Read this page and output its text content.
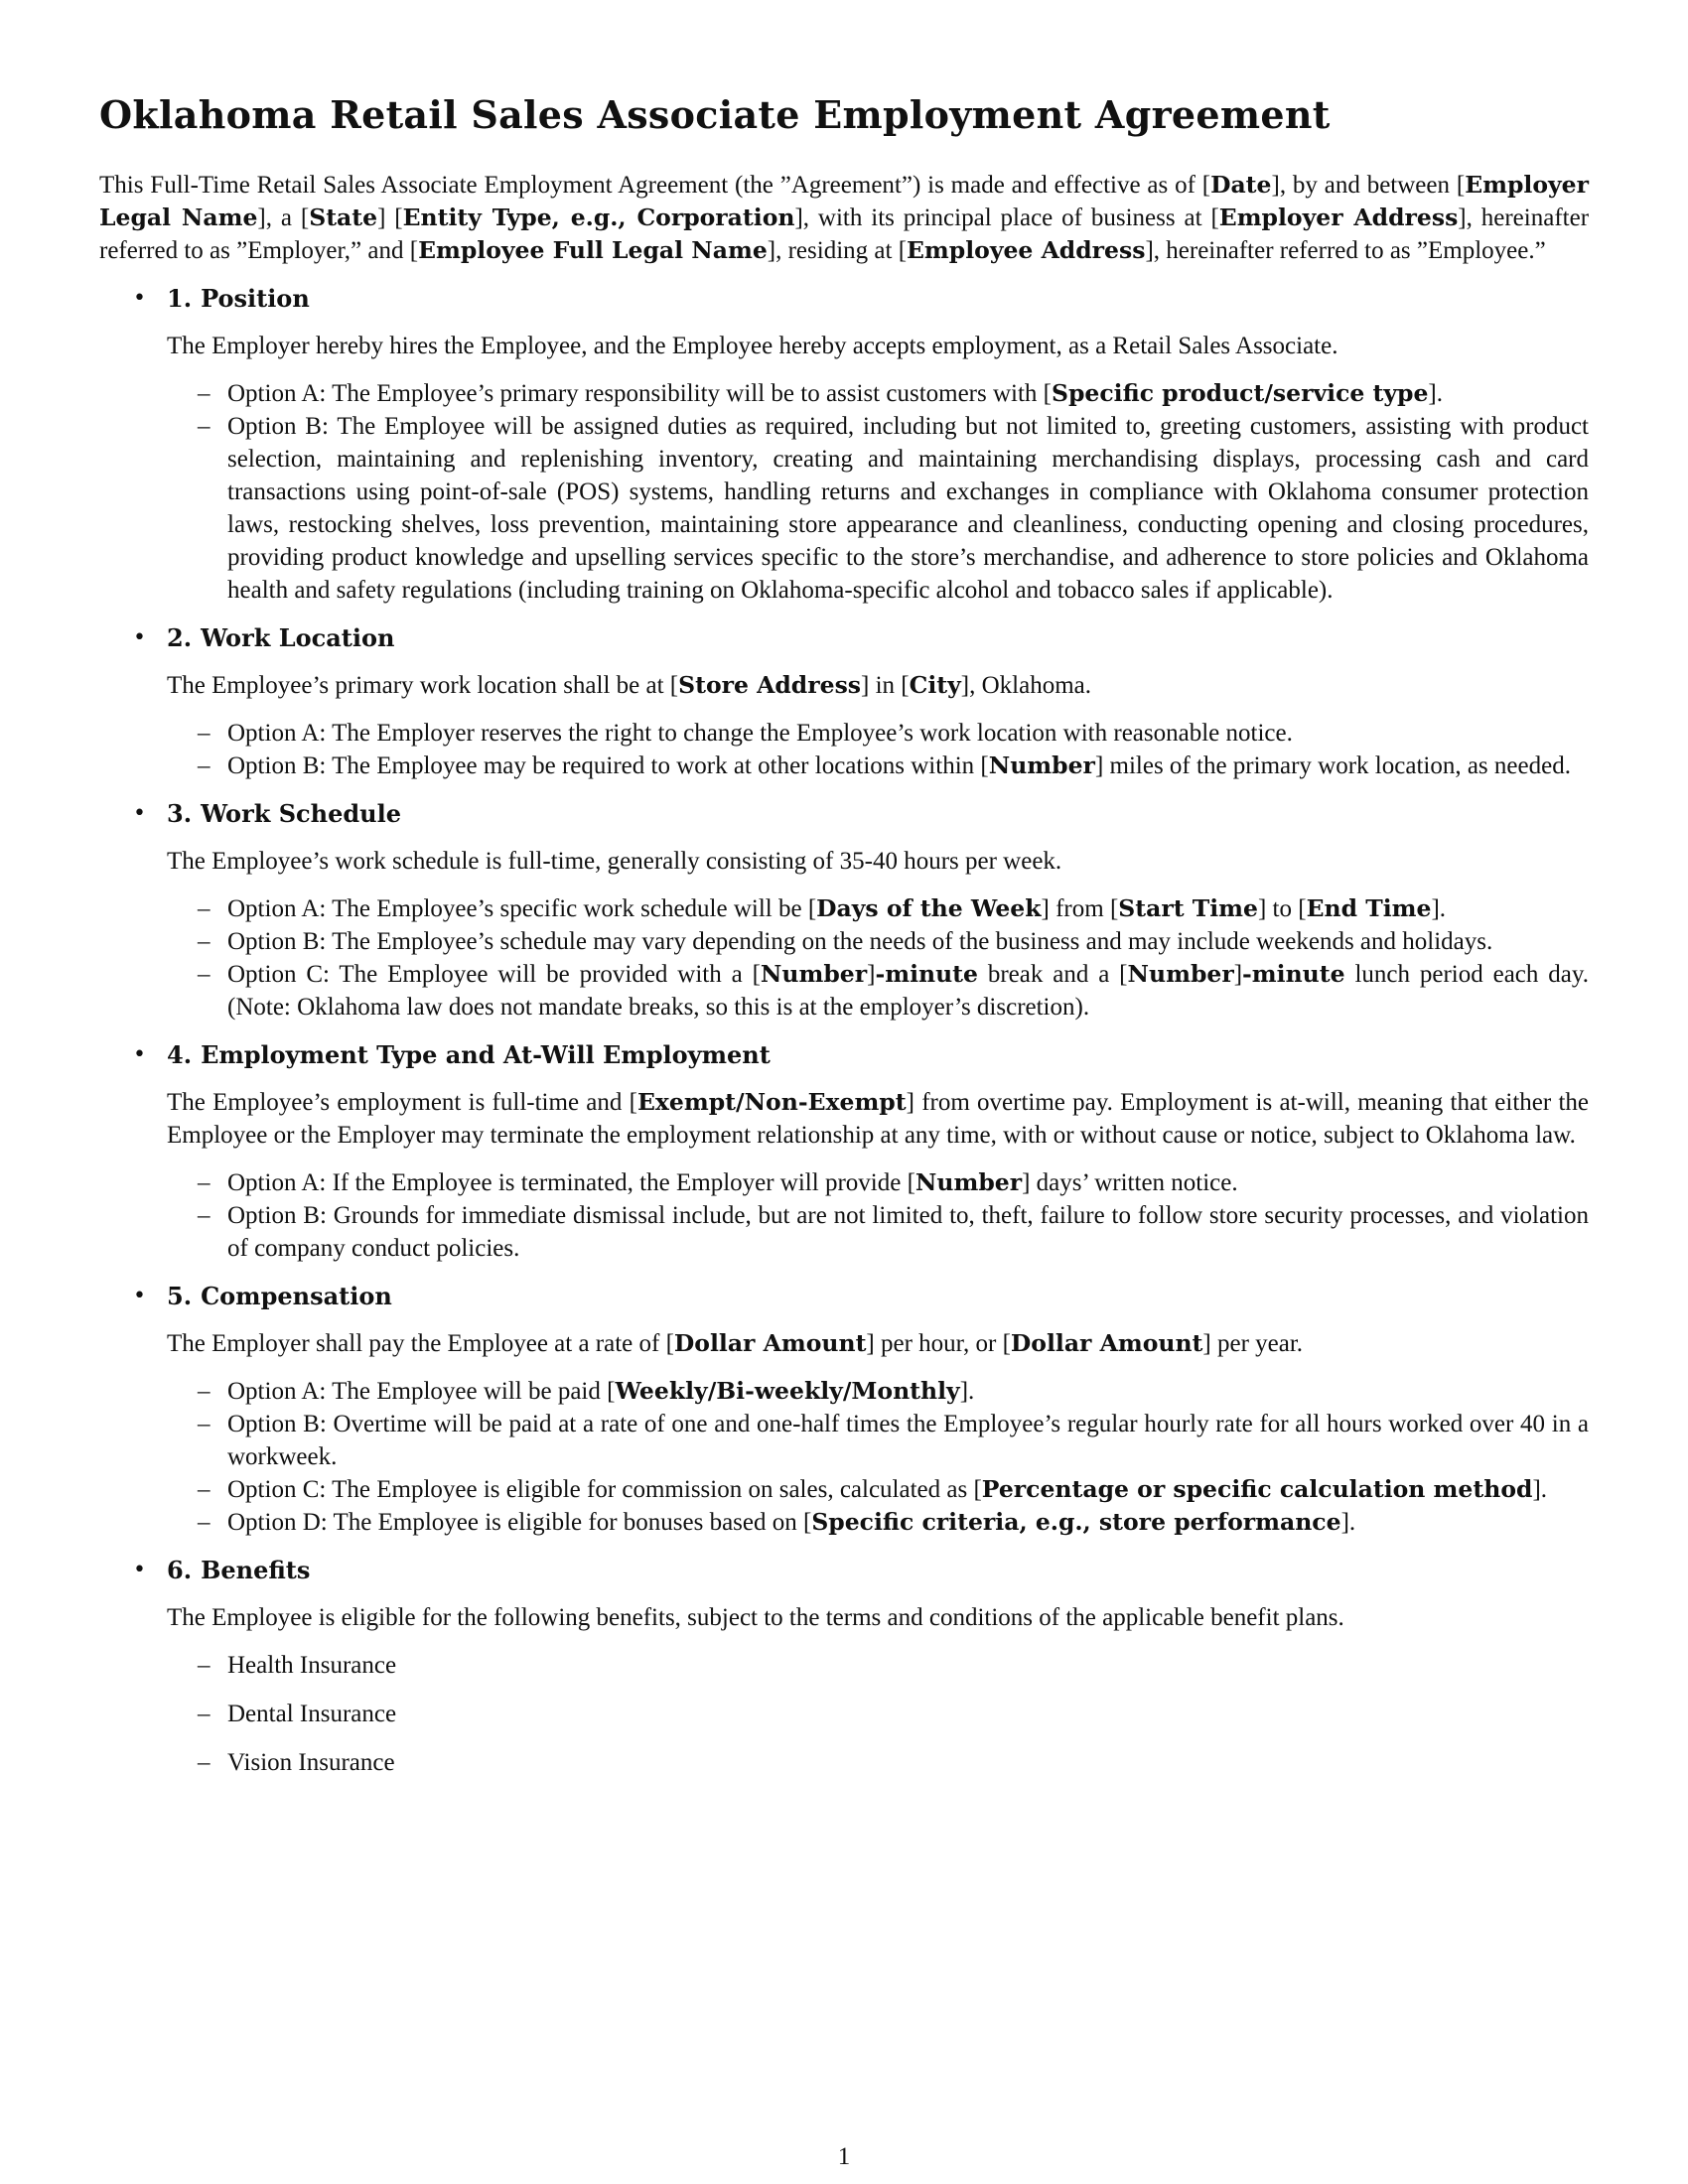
Oklahoma Retail Sales Associate Employment Agreement

This Full-Time Retail Sales Associate Employment Agreement (the ”Agreement”) is made and effective as of [Date], by and between [Employer Legal Name], a [State] [Entity Type, e.g., Corporation], with its principal place of business at [Employer Address], hereinafter referred to as ”Employer,” and [Employee Full Legal Name], residing at [Employee Address], hereinafter referred to as ”Employee.”

• 1. Position

The Employer hereby hires the Employee, and the Employee hereby accepts employment, as a Retail Sales Associate.

– Option A: The Employee’s primary responsibility will be to assist customers with [Specific product/service type].
– Option B: The Employee will be assigned duties as required, including but not limited to, greeting customers, assisting with product selection, maintaining and replenishing inventory, creating and maintaining merchandising displays, processing cash and card transactions using point-of-sale (POS) systems, handling returns and exchanges in compliance with Oklahoma consumer protection laws, restocking shelves, loss prevention, maintaining store appearance and cleanliness, conducting opening and closing procedures, providing product knowledge and upselling services specific to the store’s merchandise, and adherence to store policies and Oklahoma health and safety regulations (including training on Oklahoma-specific alcohol and tobacco sales if applicable).
• 2. Work Location

The Employee’s primary work location shall be at [Store Address] in [City], Oklahoma.

– Option A: The Employer reserves the right to change the Employee’s work location with reasonable notice.
– Option B: The Employee may be required to work at other locations within [Number] miles of the primary work location, as needed.
• 3. Work Schedule

The Employee’s work schedule is full-time, generally consisting of 35-40 hours per week.

– Option A: The Employee’s specific work schedule will be [Days of the Week] from [Start Time] to [End Time].
– Option B: The Employee’s schedule may vary depending on the needs of the business and may include weekends and holidays.
– Option C: The Employee will be provided with a [Number]-minute break and a [Number]-minute lunch period each day. (Note: Oklahoma law does not mandate breaks, so this is at the employer’s discretion).
• 4. Employment Type and At-Will Employment

The Employee’s employment is full-time and [Exempt/Non-Exempt] from overtime pay. Employment is at-will, meaning that either the Employee or the Employer may terminate the employment relationship at any time, with or without cause or notice, subject to Oklahoma law.

– Option A: If the Employee is terminated, the Employer will provide [Number] days’ written notice.
– Option B: Grounds for immediate dismissal include, but are not limited to, theft, failure to follow store security processes, and violation of company conduct policies.
• 5. Compensation

The Employer shall pay the Employee at a rate of [Dollar Amount] per hour, or [Dollar Amount] per year.

– Option A: The Employee will be paid [Weekly/Bi-weekly/Monthly].
– Option B: Overtime will be paid at a rate of one and one-half times the Employee’s regular hourly rate for all hours worked over 40 in a workweek.
– Option C: The Employee is eligible for commission on sales, calculated as [Percentage or specific calculation method].
– Option D: The Employee is eligible for bonuses based on [Specific criteria, e.g., store performance].
• 6. Benefits

The Employee is eligible for the following benefits, subject to the terms and conditions of the applicable benefit plans.

– Health Insurance
– Dental Insurance
– Vision Insurance
1
